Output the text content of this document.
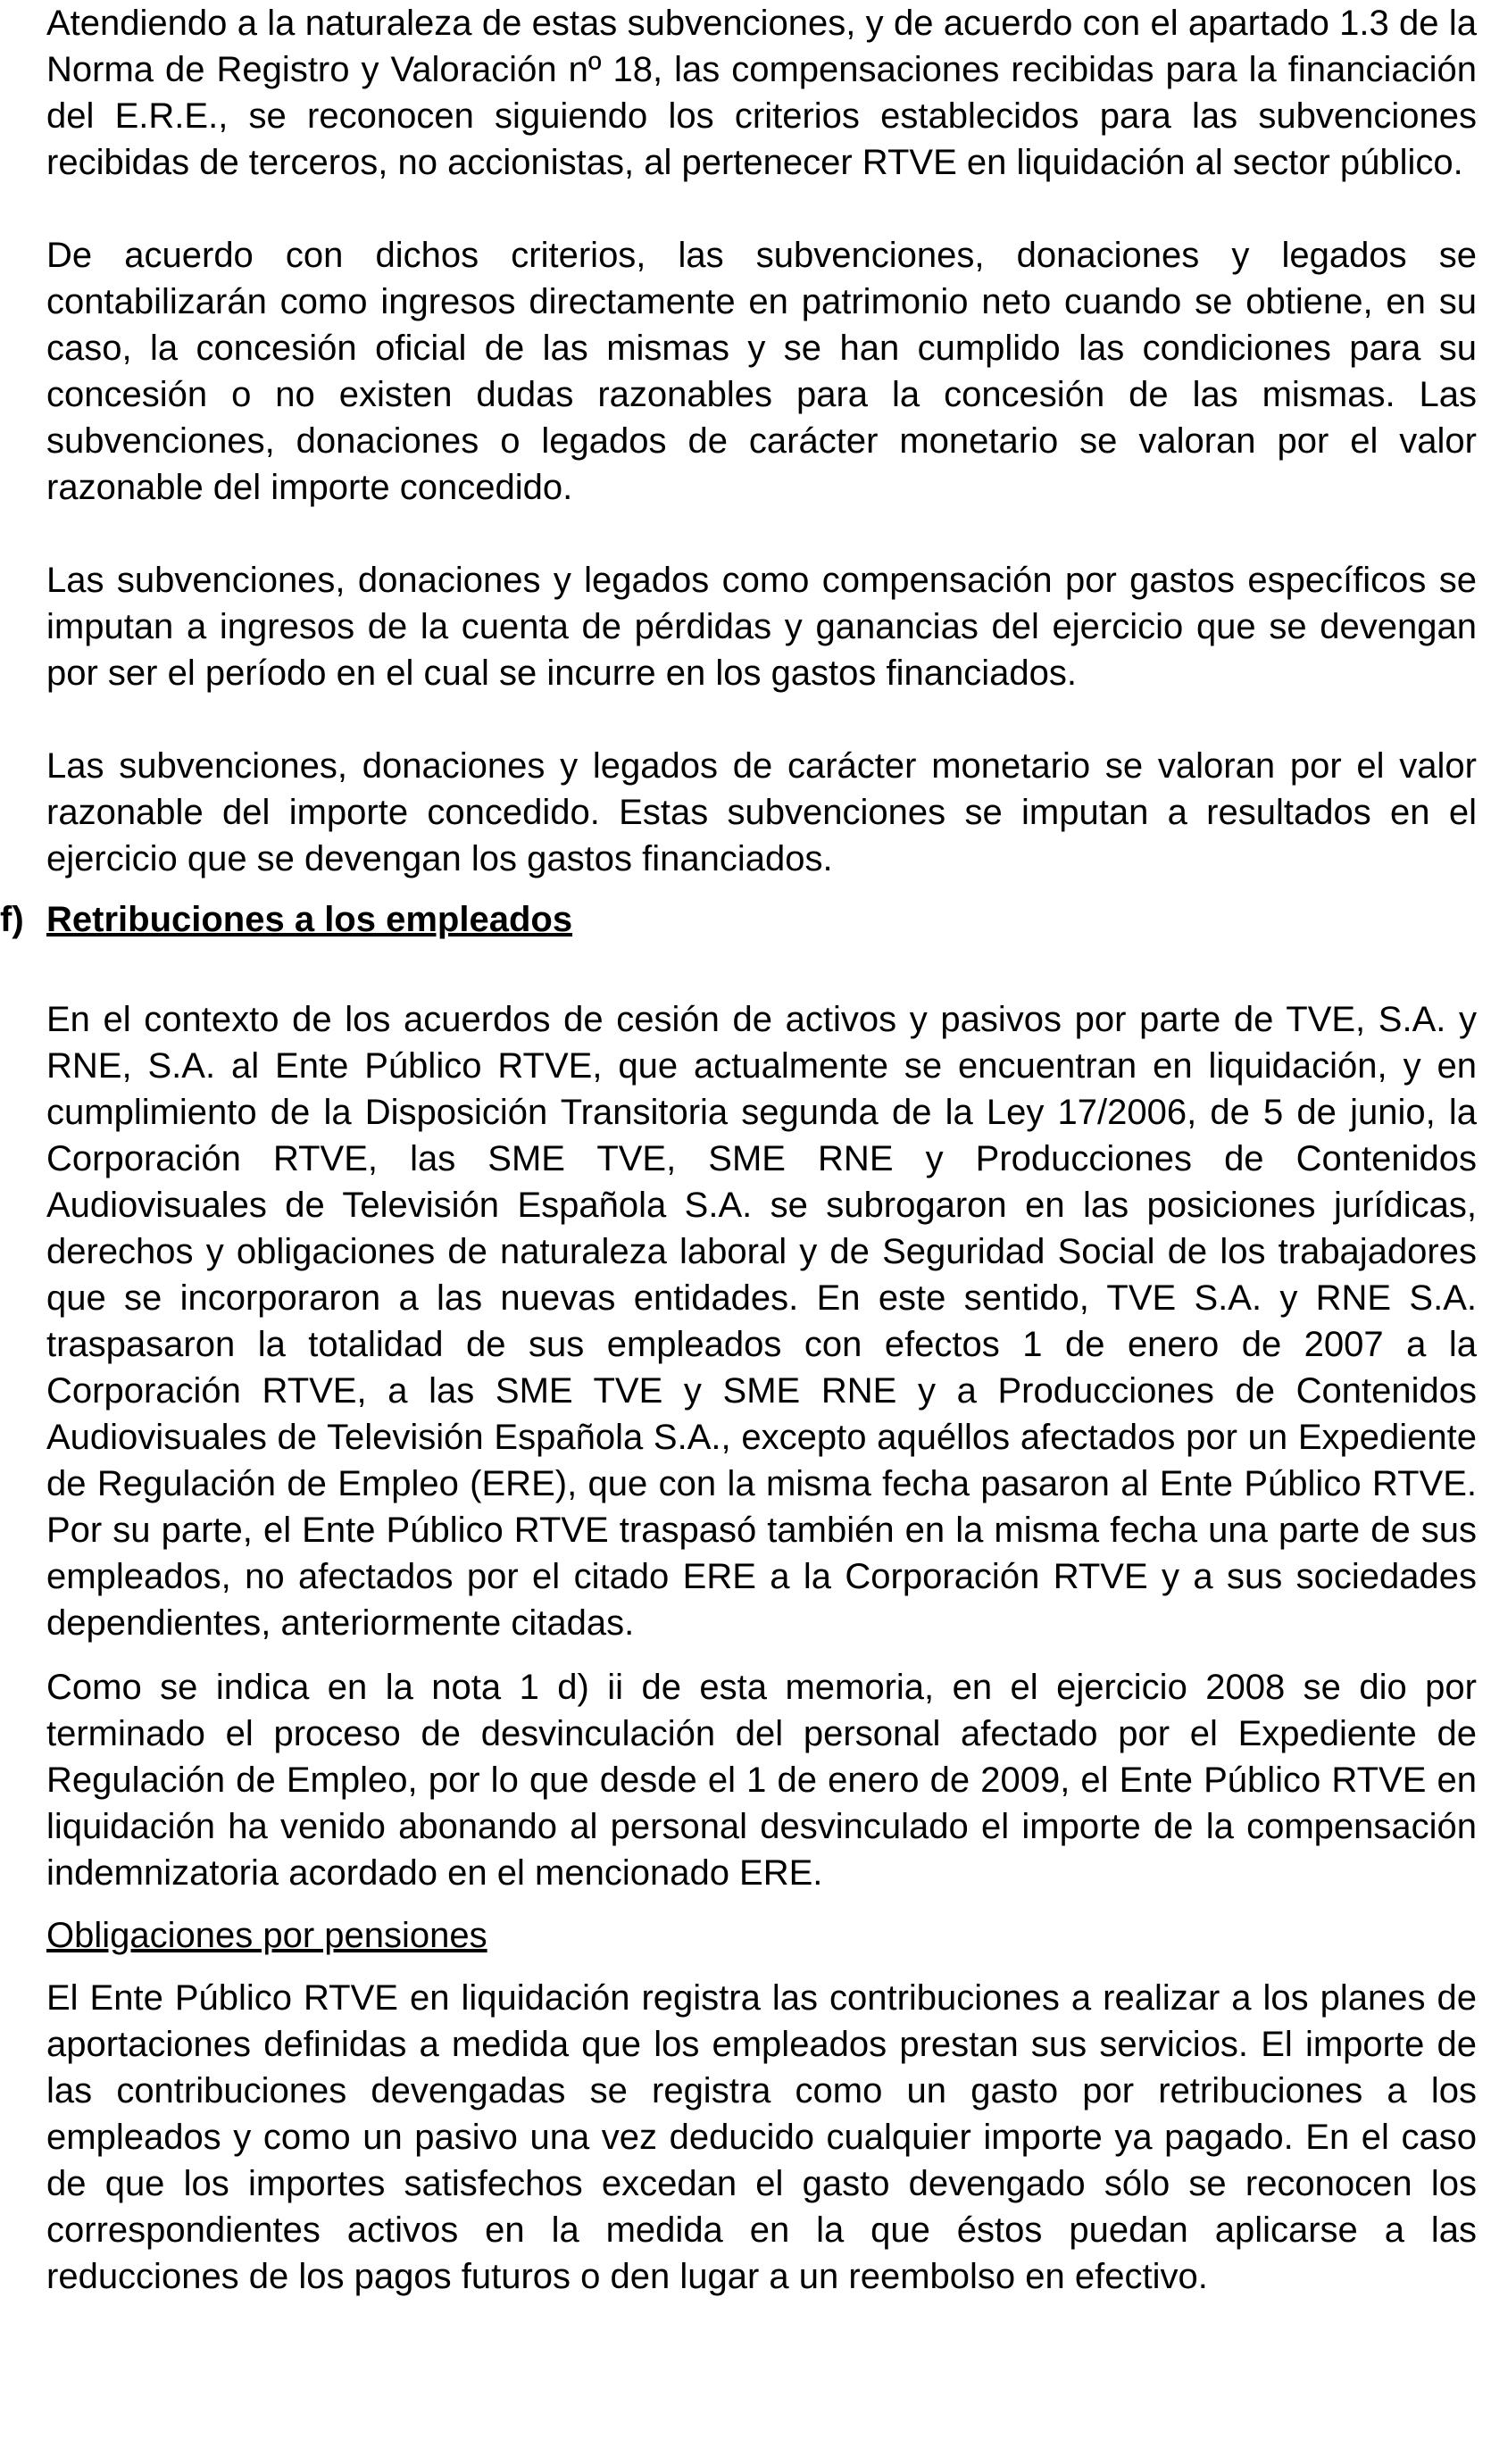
Atendiendo a la naturaleza de estas subvenciones, y de acuerdo con el apartado 1.3 de la Norma de Registro y Valoración nº 18, las compensaciones recibidas para la financiación del E.R.E., se reconocen siguiendo los criterios establecidos para las subvenciones recibidas de terceros, no accionistas, al pertenecer RTVE en liquidación al sector público.

De acuerdo con dichos criterios, las subvenciones, donaciones y legados se contabilizarán como ingresos directamente en patrimonio neto cuando se obtiene, en su caso, la concesión oficial de las mismas y se han cumplido las condiciones para su concesión o no existen dudas razonables para la concesión de las mismas. Las subvenciones, donaciones o legados de carácter monetario se valoran por el valor razonable del importe concedido.

Las subvenciones, donaciones y legados como compensación por gastos específicos se imputan a ingresos de la cuenta de pérdidas y ganancias del ejercicio que se devengan por ser el período en el cual se incurre en los gastos financiados.

Las subvenciones, donaciones y legados de carácter monetario se valoran por el valor razonable del importe concedido. Estas subvenciones se imputan a resultados en el ejercicio que se devengan los gastos financiados.

f) Retribuciones a los empleados

En el contexto de los acuerdos de cesión de activos y pasivos por parte de TVE, S.A. y RNE, S.A. al Ente Público RTVE, que actualmente se encuentran en liquidación, y en cumplimiento de la Disposición Transitoria segunda de la Ley 17/2006, de 5 de junio, la Corporación RTVE, las SME TVE, SME RNE y Producciones de Contenidos Audiovisuales de Televisión Española S.A. se subrogaron en las posiciones jurídicas, derechos y obligaciones de naturaleza laboral y de Seguridad Social de los trabajadores que se incorporaron a las nuevas entidades. En este sentido, TVE S.A. y RNE S.A. traspasaron la totalidad de sus empleados con efectos 1 de enero de 2007 a la Corporación RTVE, a las SME TVE y SME RNE y a Producciones de Contenidos Audiovisuales de Televisión Española S.A., excepto aquéllos afectados por un Expediente de Regulación de Empleo (ERE), que con la misma fecha pasaron al Ente Público RTVE. Por su parte, el Ente Público RTVE traspasó también en la misma fecha una parte de sus empleados, no afectados por el citado ERE a la Corporación RTVE y a sus sociedades dependientes, anteriormente citadas.

Como se indica en la nota 1 d) ii de esta memoria, en el ejercicio 2008 se dio por terminado el proceso de desvinculación del personal afectado por el Expediente de Regulación de Empleo, por lo que desde el 1 de enero de 2009, el Ente Público RTVE en liquidación ha venido abonando al personal desvinculado el importe de la compensación indemnizatoria acordado en el mencionado ERE.

Obligaciones por pensiones

El Ente Público RTVE en liquidación registra las contribuciones a realizar a los planes de aportaciones definidas a medida que los empleados prestan sus servicios. El importe de las contribuciones devengadas se registra como un gasto por retribuciones a los empleados y como un pasivo una vez deducido cualquier importe ya pagado. En el caso de que los importes satisfechos excedan el gasto devengado sólo se reconocen los correspondientes activos en la medida en la que éstos puedan aplicarse a las reducciones de los pagos futuros o den lugar a un reembolso en efectivo.
